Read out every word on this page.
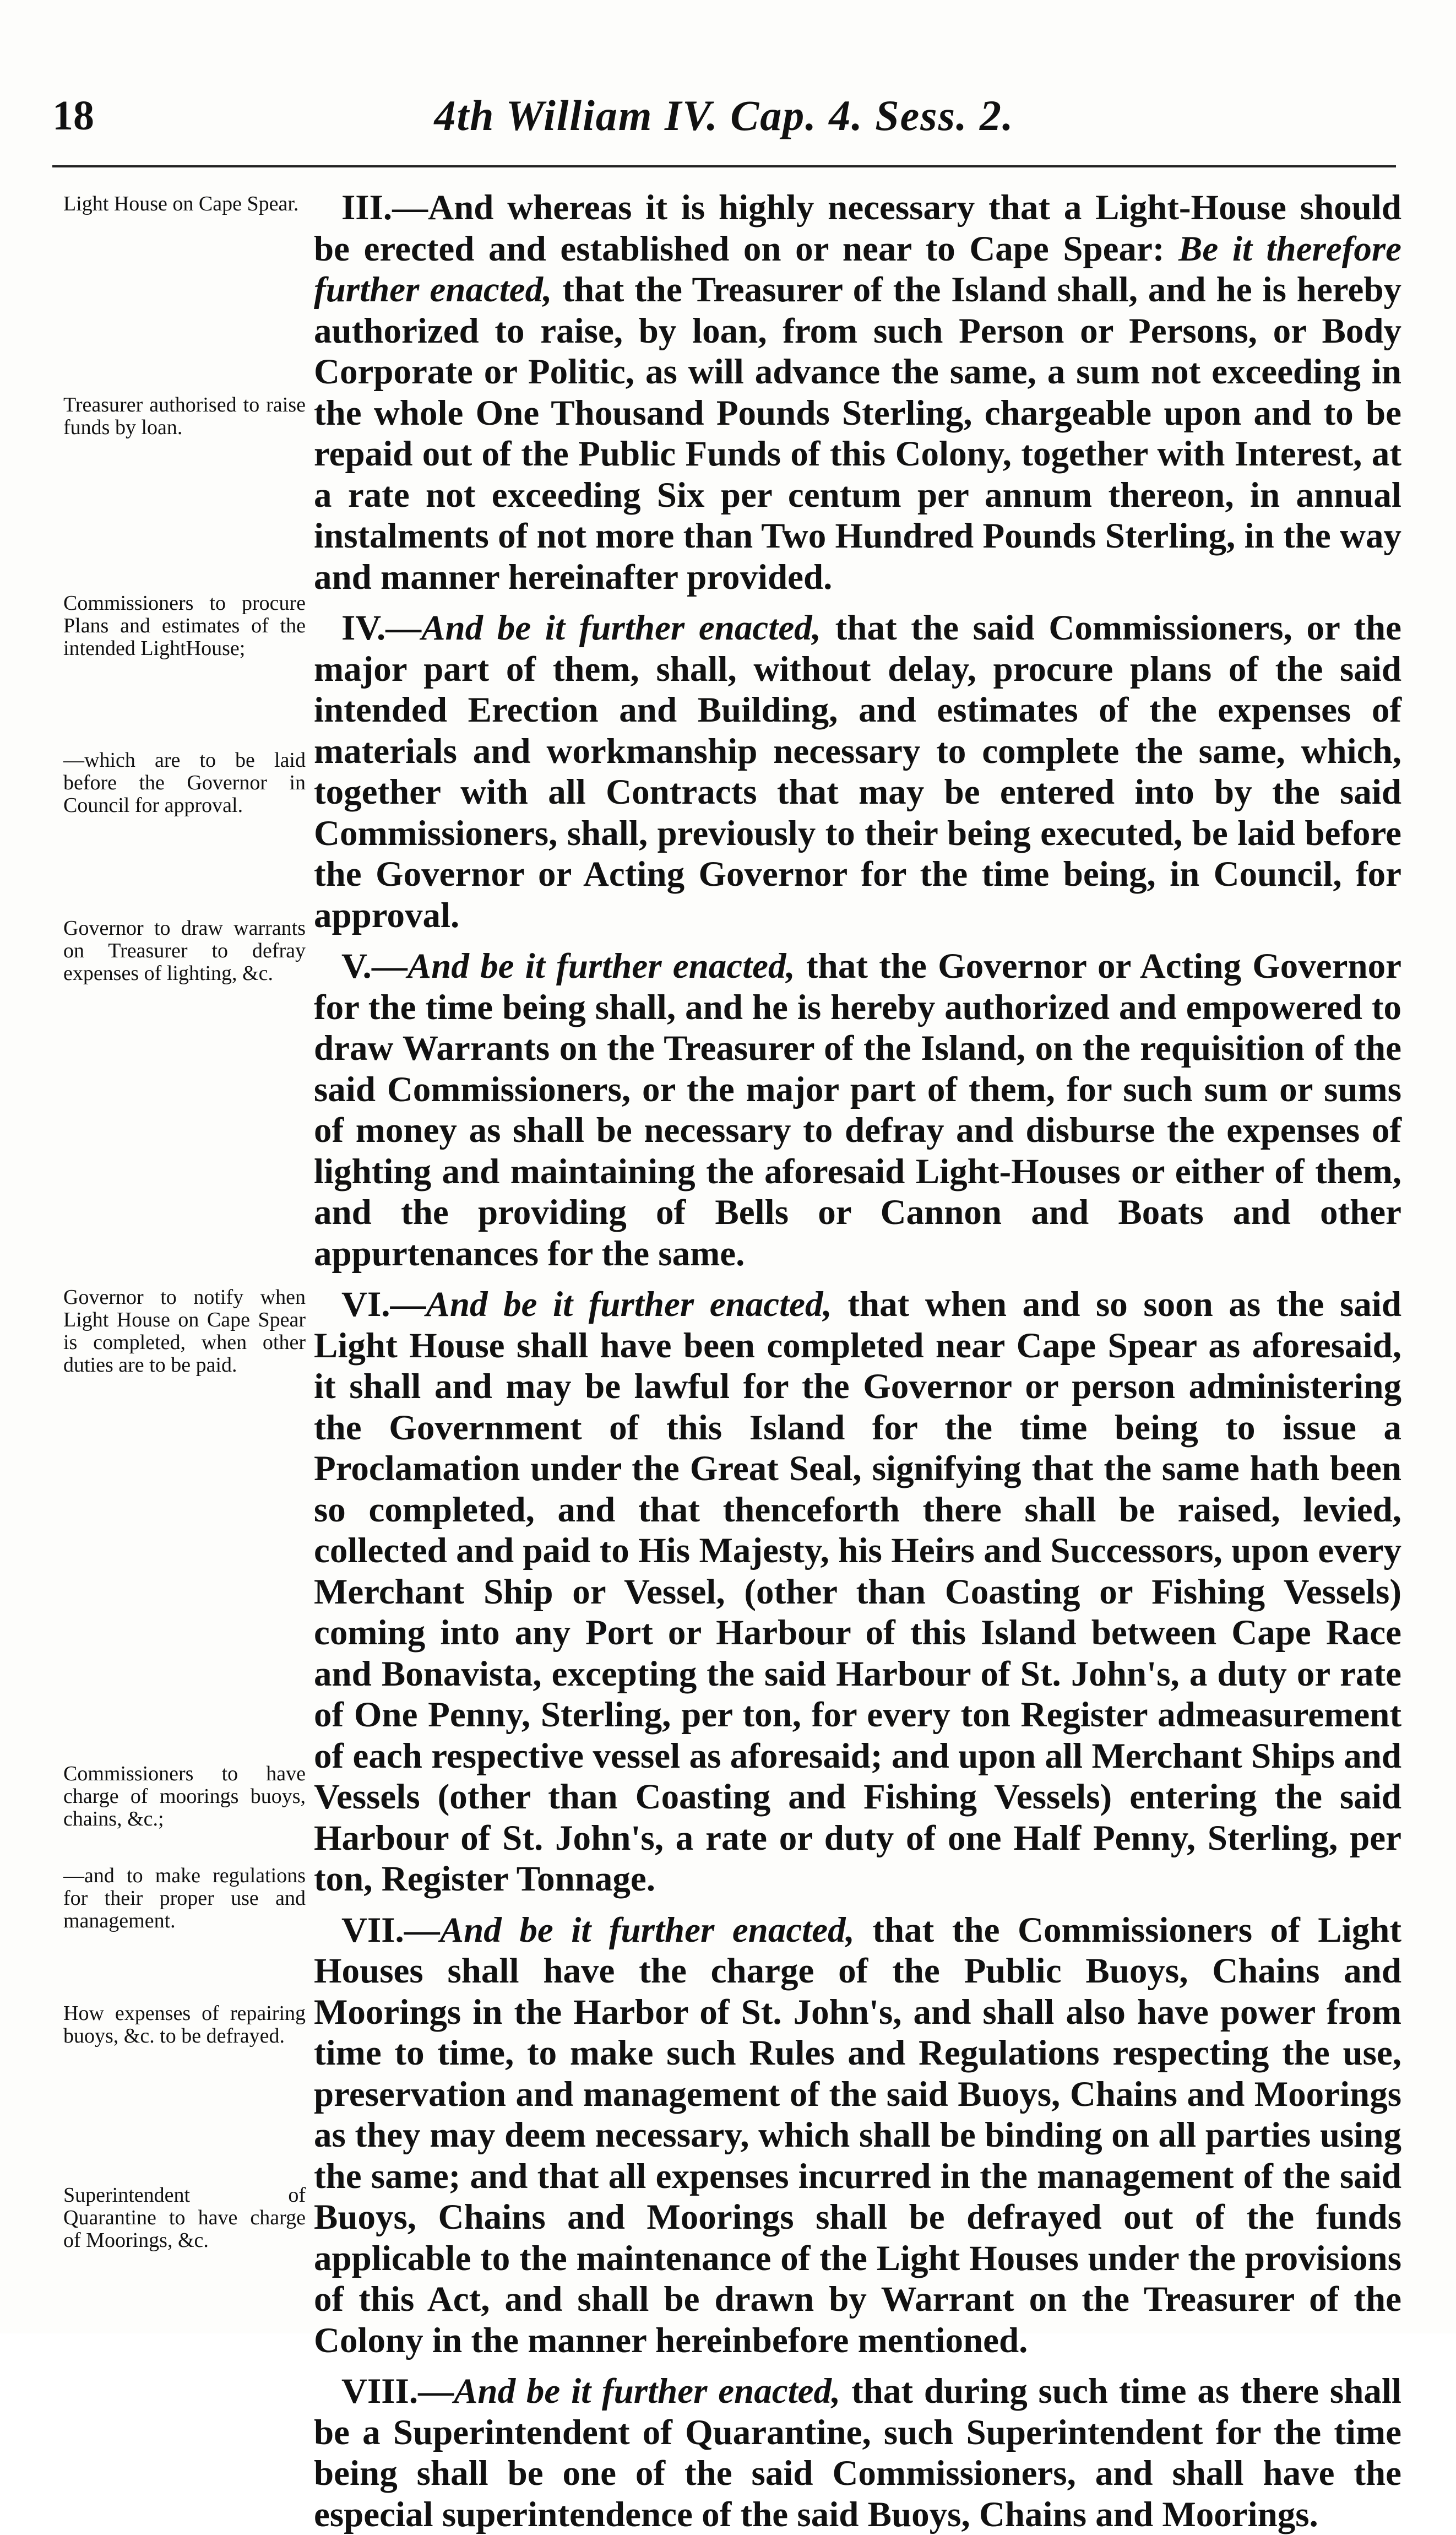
18	4th William IV. Cap. 4. Sess. 2.
Light House on Cape Spear.
Treasurer authorised to raise funds by loan.
Commissioners to procure Plans and estimates of the intended LightHouse;
—which are to be laid before the Governor in Council for approval.
Governor to draw warrants on Treasurer to defray expenses of lighting, &c.
Governor to notify when Light House on Cape Spear is completed, when other duties are to be paid.
Commissioners to have charge of moorings buoys, chains, &c.;
—and to make regulations for their proper use and management.
How expenses of repairing buoys, &c. to be defrayed.
Superintendent of Quarantine to have charge of Moorings, &c.

III.—And whereas it is highly necessary that a Light-House should be erected and established on or near to Cape Spear: Be it therefore further enacted, that the Treasurer of the Island shall, and he is hereby authorized to raise, by loan, from such Person or Persons, or Body Corporate or Politic, as will advance the same, a sum not exceeding in the whole One Thousand Pounds Sterling, chargeable upon and to be repaid out of the Public Funds of this Colony, together with Interest, at a rate not exceeding Six per centum per annum thereon, in annual instalments of not more than Two Hundred Pounds Sterling, in the way and manner hereinafter provided.

IV.—And be it further enacted, that the said Commissioners, or the major part of them, shall, without delay, procure plans of the said intended Erection and Building, and estimates of the expenses of materials and workmanship necessary to complete the same, which, together with all Contracts that may be entered into by the said Commissioners, shall, previously to their being executed, be laid before the Governor or Acting Governor for the time being, in Council, for approval.

V.—And be it further enacted, that the Governor or Acting Governor for the time being shall, and he is hereby authorized and empowered to draw Warrants on the Treasurer of the Island, on the requisition of the said Commissioners, or the major part of them, for such sum or sums of money as shall be necessary to defray and disburse the expenses of lighting and maintaining the aforesaid Light-Houses or either of them, and the providing of Bells or Cannon and Boats and other appurtenances for the same.

VI.—And be it further enacted, that when and so soon as the said Light House shall have been completed near Cape Spear as aforesaid, it shall and may be lawful for the Governor or person administering the Government of this Island for the time being to issue a Proclamation under the Great Seal, signifying that the same hath been so completed, and that thenceforth there shall be raised, levied, collected and paid to His Majesty, his Heirs and Successors, upon every Merchant Ship or Vessel, (other than Coasting or Fishing Vessels) coming into any Port or Harbour of this Island between Cape Race and Bonavista, excepting the said Harbour of St. John's, a duty or rate of One Penny, Sterling, per ton, for every ton Register admeasurement of each respective vessel as aforesaid; and upon all Merchant Ships and Vessels (other than Coasting and Fishing Vessels) entering the said Harbour of St. John's, a rate or duty of one Half Penny, Sterling, per ton, Register Tonnage.

VII.—And be it further enacted, that the Commissioners of Light Houses shall have the charge of the Public Buoys, Chains and Moorings in the Harbor of St. John's, and shall also have power from time to time, to make such Rules and Regulations respecting the use, preservation and management of the said Buoys, Chains and Moorings as they may deem necessary, which shall be binding on all parties using the same; and that all expenses incurred in the management of the said Buoys, Chains and Moorings shall be defrayed out of the funds applicable to the maintenance of the Light Houses under the provisions of this Act, and shall be drawn by Warrant on the Treasurer of the Colony in the manner hereinbefore mentioned.

VIII.—And be it further enacted, that during such time as there shall be a Superintendent of Quarantine, such Superintendent for the time being shall be one of the said Commissioners, and shall have the especial superintendence of the said Buoys, Chains and Moorings.
